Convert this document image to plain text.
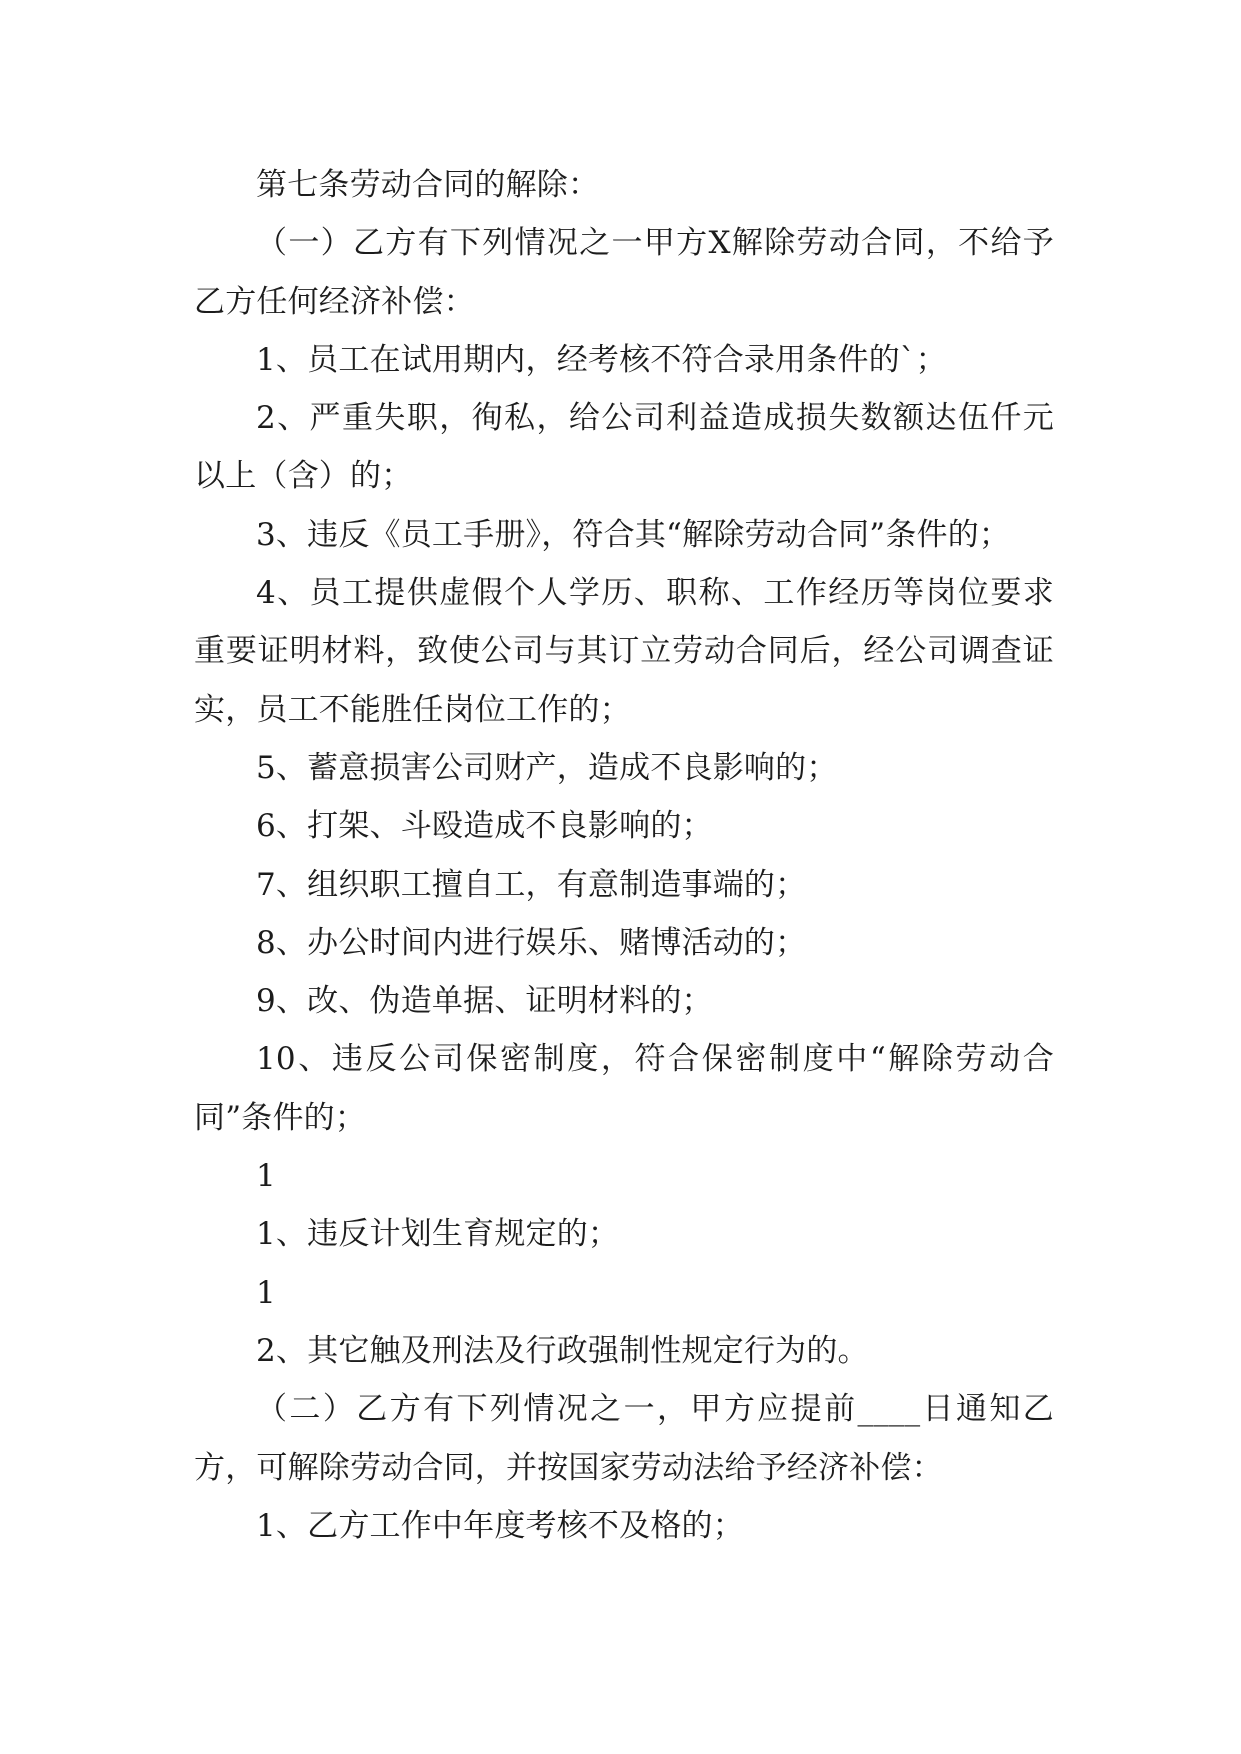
第七条劳动合同的解除：

（一）乙方有下列情况之一甲方X解除劳动合同，不给予乙方任何经济补偿：

1、员工在试用期内，经考核不符合录用条件的`；

2、严重失职，徇私，给公司利益造成损失数额达伍仟元以上（含）的；

3、违反《员工手册》，符合其“解除劳动合同”条件的；

4、员工提供虚假个人学历、职称、工作经历等岗位要求重要证明材料，致使公司与其订立劳动合同后，经公司调查证实，员工不能胜任岗位工作的；

5、蓄意损害公司财产，造成不良影响的；

6、打架、斗殴造成不良影响的；

7、组织职工擅自工，有意制造事端的；

8、办公时间内进行娱乐、赌博活动的；

9、改、伪造单据、证明材料的；

10、违反公司保密制度，符合保密制度中“解除劳动合同”条件的；

1

1、违反计划生育规定的；

1

2、其它触及刑法及行政强制性规定行为的。

（二）乙方有下列情况之一，甲方应提前____日通知乙方，可解除劳动合同，并按国家劳动法给予经济补偿：

1、乙方工作中年度考核不及格的；
